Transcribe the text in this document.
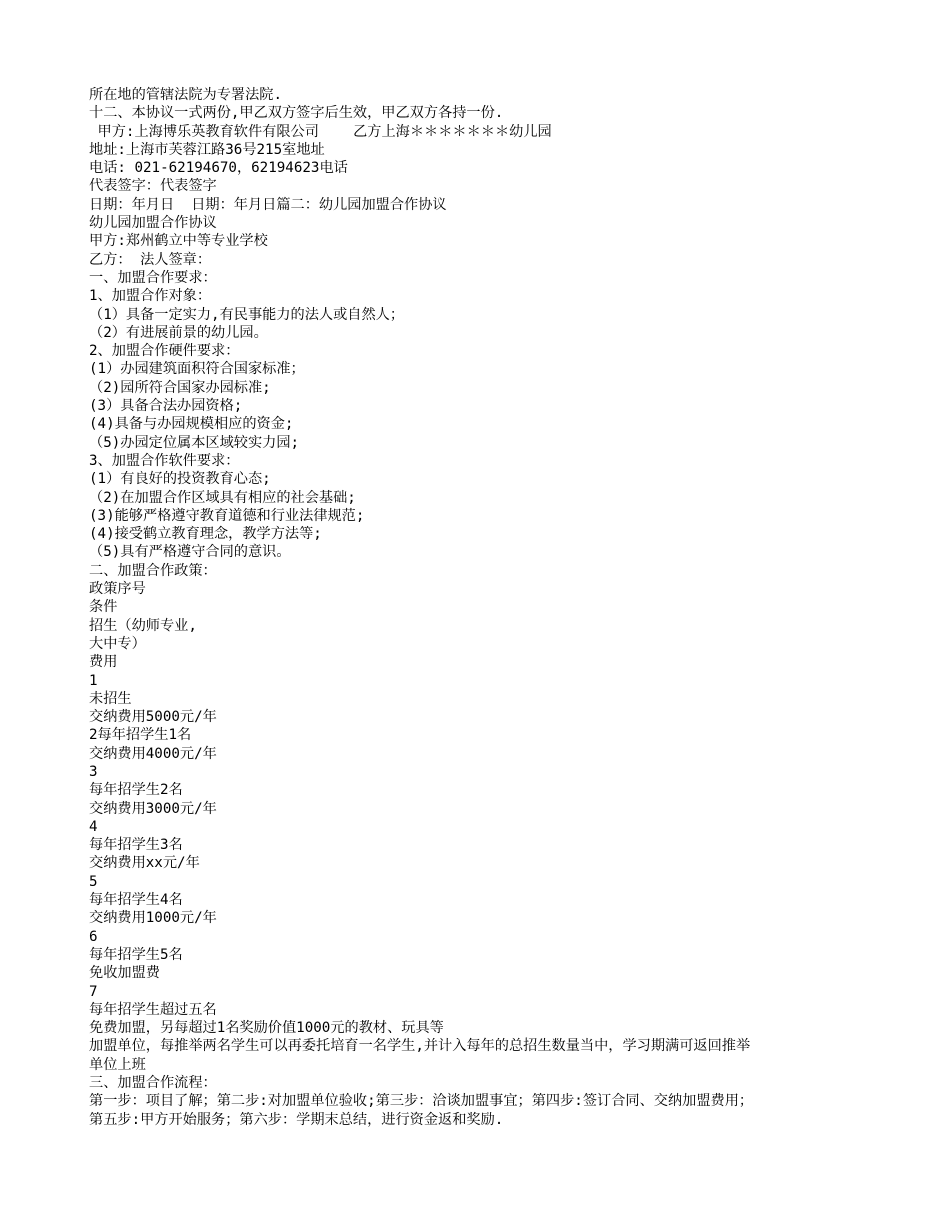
所在地的管辖法院为专署法院.
十二、本协议一式两份,甲乙双方签字后生效，甲乙双方各持一份.
甲方:上海博乐英教育软件有限公司    乙方上海＊＊＊＊＊＊＊幼儿园
地址:上海市芙蓉江路36号215室地址
电话: 021-62194670，62194623电话
代表签字：代表签字
日期：年月日  日期：年月日篇二：幼儿园加盟合作协议
幼儿园加盟合作协议
甲方:郑州鹤立中等专业学校
乙方： 法人签章：
一、加盟合作要求：
1、加盟合作对象：
（1）具备一定实力,有民事能力的法人或自然人；
（2）有进展前景的幼儿园。
2、加盟合作硬件要求：
(1）办园建筑面积符合国家标准；
（2)园所符合国家办园标准;
(3）具备合法办园资格;
(4)具备与办园规模相应的资金;
（5)办园定位属本区域较实力园;
3、加盟合作软件要求：
(1）有良好的投资教育心态;
（2)在加盟合作区域具有相应的社会基础;
(3)能够严格遵守教育道德和行业法律规范;
(4)接受鹤立教育理念，教学方法等;
（5)具有严格遵守合同的意识。
二、加盟合作政策：
政策序号
条件
招生（幼师专业,
大中专）
费用
1
未招生
交纳费用5000元/年
2每年招学生1名
交纳费用4000元/年
3
每年招学生2名
交纳费用3000元/年
4
每年招学生3名
交纳费用xx元/年
5
每年招学生4名
交纳费用1000元/年
6
每年招学生5名
免收加盟费
7
每年招学生超过五名
免费加盟，另每超过1名奖励价值1000元的教材、玩具等
加盟单位，每推举两名学生可以再委托培育一名学生,并计入每年的总招生数量当中，学习期满可返回推举
单位上班
三、加盟合作流程：
第一步：项目了解；第二步:对加盟单位验收;第三步：洽谈加盟事宜；第四步:签订合同、交纳加盟费用；
第五步:甲方开始服务；第六步：学期末总结，进行资金返和奖励.
